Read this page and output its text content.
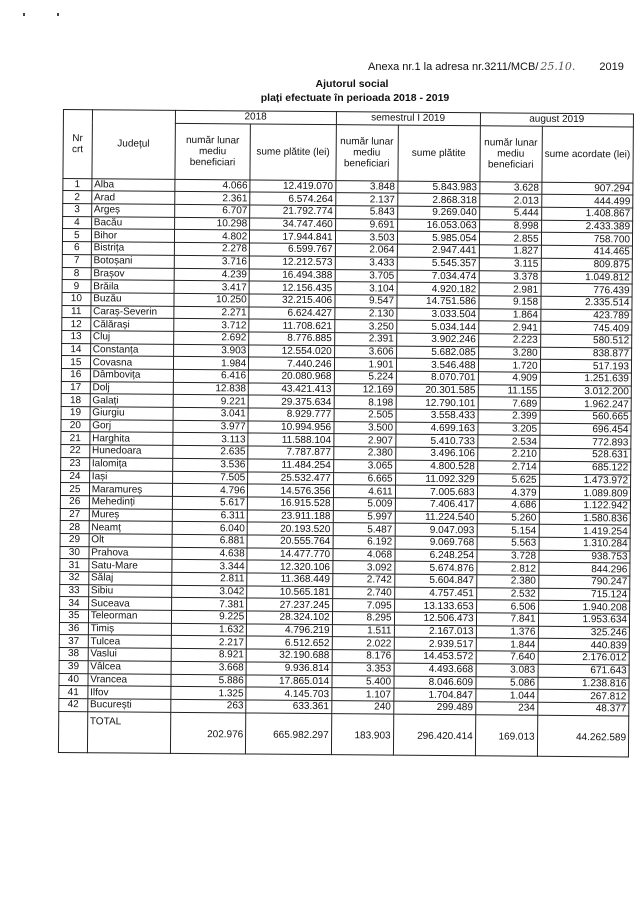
Anexa nr.1 la adresa nr.3211/MCB/ 25.10. 2019
Ajutorul social
plați efectuate în perioada 2018 - 2019
Nr crt	Județul	2018		semestrul I 2019		august 2019	
		număr lunar mediu beneficiari	sume plătite (lei)	număr lunar mediu beneficiari	sume plătite	număr lunar mediu beneficiari	sume acordate (lei)
1	Alba	4.066	12.419.070	3.848	5.843.983	3.628	907.294
2	Arad	2.361	6.574.264	2.137	2.868.318	2.013	444.499
3	Argeș	6.707	21.792.774	5.843	9.269.040	5.444	1.408.867
4	Bacău	10.298	34.747.460	9.691	16.053.063	8.998	2.433.389
5	Bihor	4.802	17.944.841	3.503	5.985.054	2.855	758.700
6	Bistrița	2.278	6.599.767	2.064	2.947.441	1.827	414.465
7	Botoșani	3.716	12.212.573	3.433	5.545.357	3.115	809.875
8	Brașov	4.239	16.494.388	3.705	7.034.474	3.378	1.049.812
9	Brăila	3.417	12.156.435	3.104	4.920.182	2.981	776.439
10	Buzău	10.250	32.215.406	9.547	14.751.586	9.158	2.335.514
11	Caraș-Severin	2.271	6.624.427	2.130	3.033.504	1.864	423.789
12	Călărași	3.712	11.708.621	3.250	5.034.144	2.941	745.409
13	Cluj	2.692	8.776.885	2.391	3.902.246	2.223	580.512
14	Constanța	3.903	12.554.020	3.606	5.682.085	3.280	838.877
15	Covasna	1.984	7.440.246	1.901	3.546.488	1.720	517.193
16	Dâmbovița	6.416	20.080.968	5.224	8.070.701	4.909	1.251.639
17	Dolj	12.838	43.421.413	12.169	20.301.585	11.155	3.012.200
18	Galați	9.221	29.375.634	8.198	12.790.101	7.689	1.962.247
19	Giurgiu	3.041	8.929.777	2.505	3.558.433	2.399	560.665
20	Gorj	3.977	10.994.956	3.500	4.699.163	3.205	696.454
21	Harghita	3.113	11.588.104	2.907	5.410.733	2.534	772.893
22	Hunedoara	2.635	7.787.877	2.380	3.496.106	2.210	528.631
23	Ialomița	3.536	11.484.254	3.065	4.800.528	2.714	685.122
24	Iași	7.505	25.532.477	6.665	11.092.329	5.625	1.473.972
25	Maramureș	4.796	14.576.356	4.611	7.005.683	4.379	1.089.809
26	Mehedinți	5.617	16.915.528	5.009	7.406.417	4.686	1.122.942
27	Mureș	6.311	23.911.188	5.997	11.224.540	5.260	1.580.836
28	Neamț	6.040	20.193.520	5.487	9.047.093	5.154	1.419.254
29	Olt	6.881	20.555.764	6.192	9.069.768	5.563	1.310.284
30	Prahova	4.638	14.477.770	4.068	6.248.254	3.728	938.753
31	Satu-Mare	3.344	12.320.106	3.092	5.674.876	2.812	844.296
32	Sălaj	2.811	11.368.449	2.742	5.604.847	2.380	790.247
33	Sibiu	3.042	10.565.181	2.740	4.757.451	2.532	715.124
34	Suceava	7.381	27.237.245	7.095	13.133.653	6.506	1.940.208
35	Teleorman	9.225	28.324.102	8.295	12.506.473	7.841	1.953.634
36	Timiș	1.632	4.796.219	1.511	2.167.013	1.376	325.246
37	Tulcea	2.217	6.512.652	2.022	2.939.517	1.844	440.839
38	Vaslui	8.921	32.190.688	8.176	14.453.572	7.640	2.176.012
39	Vâlcea	3.668	9.936.814	3.353	4.493.668	3.083	671.643
40	Vrancea	5.886	17.865.014	5.400	8.046.609	5.086	1.238.816
41	Ilfov	1.325	4.145.703	1.107	1.704.847	1.044	267.812
42	București	263	633.361	240	299.489	234	48.377
	TOTAL	202.976	665.982.297	183.903	296.420.414	169.013	44.262.589
